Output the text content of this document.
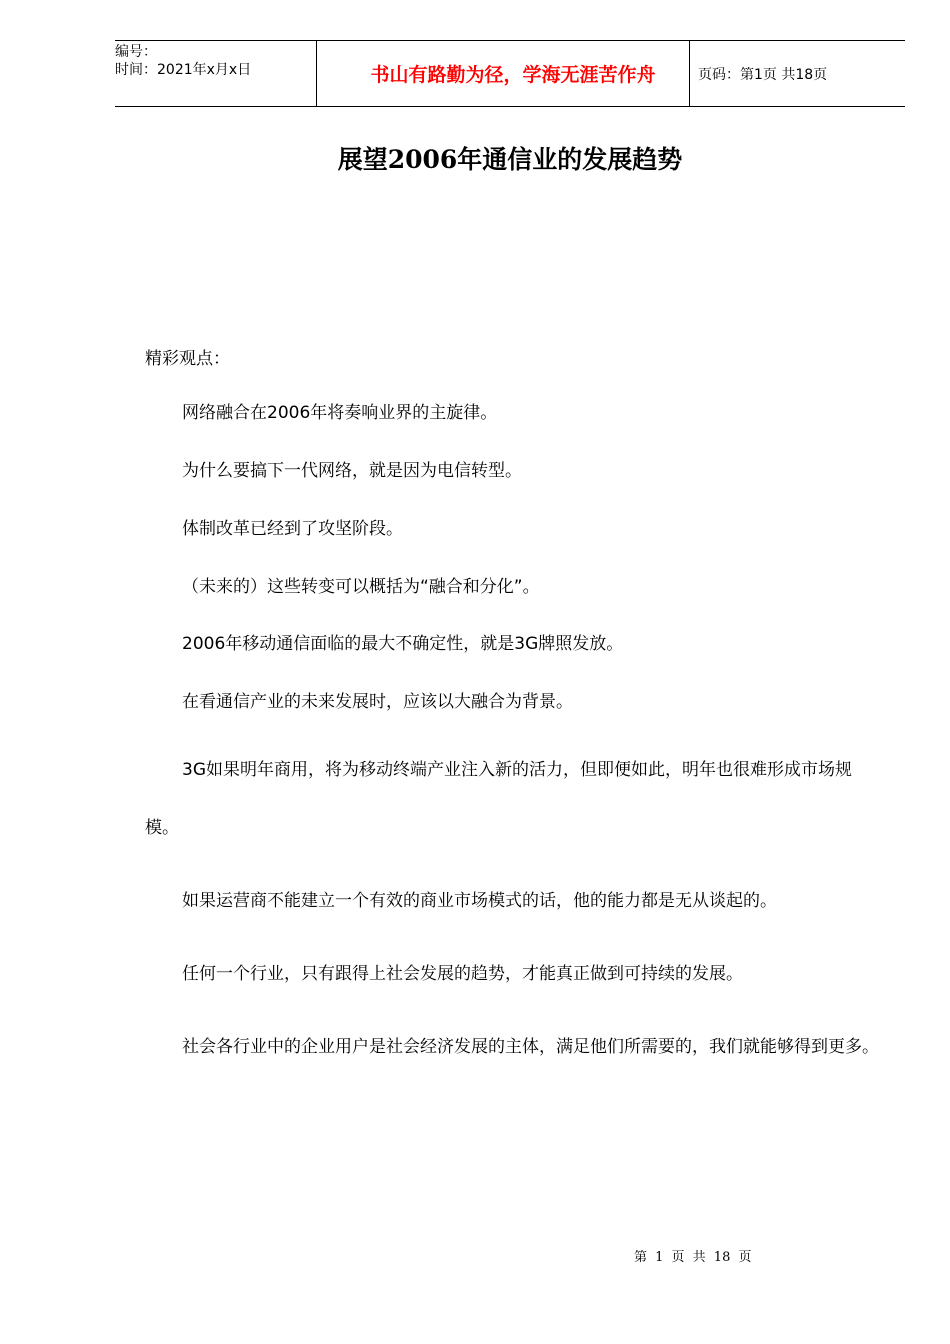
编号：
时间：2021年x月x日	书山有路勤为径，学海无涯苦作舟	页码：第1页 共18页
展望2006年通信业的发展趋势
精彩观点：

网络融合在2006年将奏响业界的主旋律。

为什么要搞下一代网络，就是因为电信转型。

体制改革已经到了攻坚阶段。

（未来的）这些转变可以概括为“融合和分化”。

2006年移动通信面临的最大不确定性，就是3G牌照发放。

在看通信产业的未来发展时，应该以大融合为背景。

3G如果明年商用，将为移动终端产业注入新的活力，但即便如此，明年也很难形成市场规模。

如果运营商不能建立一个有效的商业市场模式的话，他的能力都是无从谈起的。

任何一个行业，只有跟得上社会发展的趋势，才能真正做到可持续的发展。

社会各行业中的企业用户是社会经济发展的主体，满足他们所需要的，我们就能够得到更多。

第 1 页 共 18 页
